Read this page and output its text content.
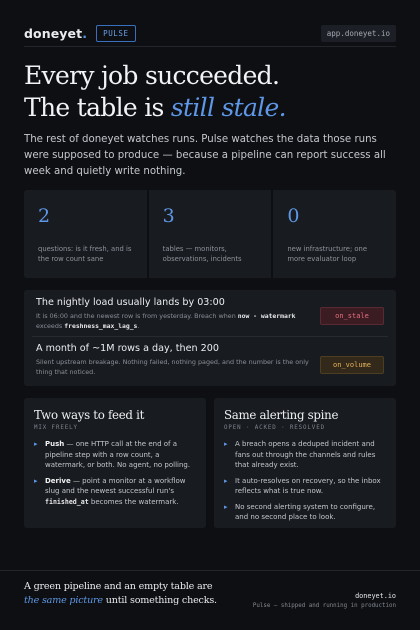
doneyet.	PULSE	app.doneyet.io
Every job succeeded.
The table is still stale.

The rest of doneyet watches runs. Pulse watches the data those runs were supposed to produce — because a pipeline can report success all week and quietly write nothing.

2
questions: is it fresh, and is the row count sane
3
tables — monitors, observations, incidents
0
new infrastructure; one more evaluator loop
The nightly load usually lands by 03:00
It is 06:00 and the newest row is from yesterday. Breach when now - watermark exceeds freshness_max_lag_s.
on_stale
A month of ~1M rows a day, then 200
Silent upstream breakage. Nothing failed, nothing paged, and the number is the only thing that noticed.
on_volume
Two ways to feed it
MIX FREELY
▸ Push — one HTTP call at the end of a pipeline step with a row count, a watermark, or both. No agent, no polling.
▸ Derive — point a monitor at a workflow slug and the newest successful run's finished_at becomes the watermark.
Same alerting spine
OPEN · ACKED · RESOLVED
▸ A breach opens a deduped incident and fans out through the channels and rules that already exist.
▸ It auto-resolves on recovery, so the inbox reflects what is true now.
▸ No second alerting system to configure, and no second place to look.
A green pipeline and an empty table are the same picture until something checks.	doneyet.io
Pulse — shipped and running in production
